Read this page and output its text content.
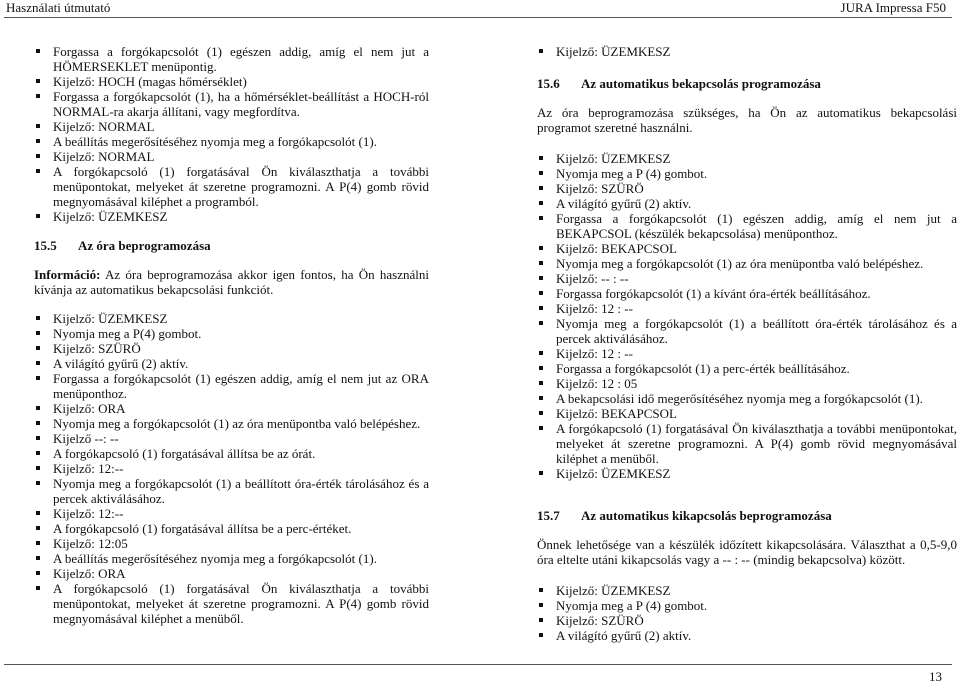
Használati útmutató	JURA Impressa F50
Forgassa a forgókapcsolót (1) egészen addig, amíg el nem jut a HÖMERSEKLET menüpontig.
Kijelző: HOCH (magas hőmérséklet)
Forgassa a forgókapcsolót (1), ha a hőmérséklet-beállítást a HOCH-ról NORMAL-ra akarja állítani, vagy megfordítva.
Kijelző: NORMAL
A beállítás megerősítéséhez nyomja meg a forgókapcsolót (1).
Kijelző: NORMAL
A forgókapcsoló (1) forgatásával Ön kiválaszthatja a további menüpontokat, melyeket át szeretne programozni. A P(4) gomb rövid megnyomásával kiléphet a programból.
Kijelző: ÜZEMKESZ

15.5 Az óra beprogramozása

Információ: Az óra beprogramozása akkor igen fontos, ha Ön használni kívánja az automatikus bekapcsolási funkciót.

Kijelző: ÜZEMKESZ
Nyomja meg a P(4) gombot.
Kijelző: SZÜRÖ
A világító gyűrű (2) aktív.
Forgassa a forgókapcsolót (1) egészen addig, amíg el nem jut az ORA menüponthoz.
Kijelző: ORA
Nyomja meg a forgókapcsolót (1) az óra menüpontba való belépéshez.
Kijelző --: --
A forgókapcsoló (1) forgatásával állítsa be az órát.
Kijelző: 12:--
Nyomja meg a forgókapcsolót (1) a beállított óra-érték tárolásához és a percek aktiválásához.
Kijelző: 12:--
A forgókapcsoló (1) forgatásával állítsa be a perc-értéket.
Kijelző: 12:05
A beállítás megerősítéséhez nyomja meg a forgókapcsolót (1).
Kijelző: ORA
A forgókapcsoló (1) forgatásával Ön kiválaszthatja a további menüpontokat, melyeket át szeretne programozni. A P(4) gomb rövid megnyomásával kiléphet a menüből.
Kijelző: ÜZEMKESZ

15.6 Az automatikus bekapcsolás programozása

Az óra beprogramozása szükséges, ha Ön az automatikus bekapcsolási programot szeretné használni.

Kijelző: ÜZEMKESZ
Nyomja meg a P (4) gombot.
Kijelző: SZÜRÖ
A világító gyűrű (2) aktív.
Forgassa a forgókapcsolót (1) egészen addig, amíg el nem jut a BEKAPCSOL (készülék bekapcsolása) menüponthoz.
Kijelző: BEKAPCSOL
Nyomja meg a forgókapcsolót (1) az óra menüpontba való belépéshez.
Kijelző: -- : --
Forgassa forgókapcsolót (1) a kívánt óra-érték beállításához.
Kijelző: 12 : --
Nyomja meg a forgókapcsolót (1) a beállított óra-érték tárolásához és a percek aktiválásához.
Kijelző: 12 : --
Forgassa a forgókapcsolót (1) a perc-érték beállításához.
Kijelző: 12 : 05
A bekapcsolási idő megerősítéséhez nyomja meg a forgókapcsolót (1).
Kijelző: BEKAPCSOL
A forgókapcsoló (1) forgatásával Ön kiválaszthatja a további menüpontokat, melyeket át szeretne programozni. A P(4) gomb rövid megnyomásával kiléphet a menüből.
Kijelző: ÜZEMKESZ

15.7 Az automatikus kikapcsolás beprogramozása

Önnek lehetősége van a készülék időzített kikapcsolására. Választhat a 0,5-9,0 óra eltelte utáni kikapcsolás vagy a -- : -- (mindig bekapcsolva) között.

Kijelző: ÜZEMKESZ
Nyomja meg a P (4) gombot.
Kijelző: SZÜRÖ
A világító gyűrű (2) aktív.
13
